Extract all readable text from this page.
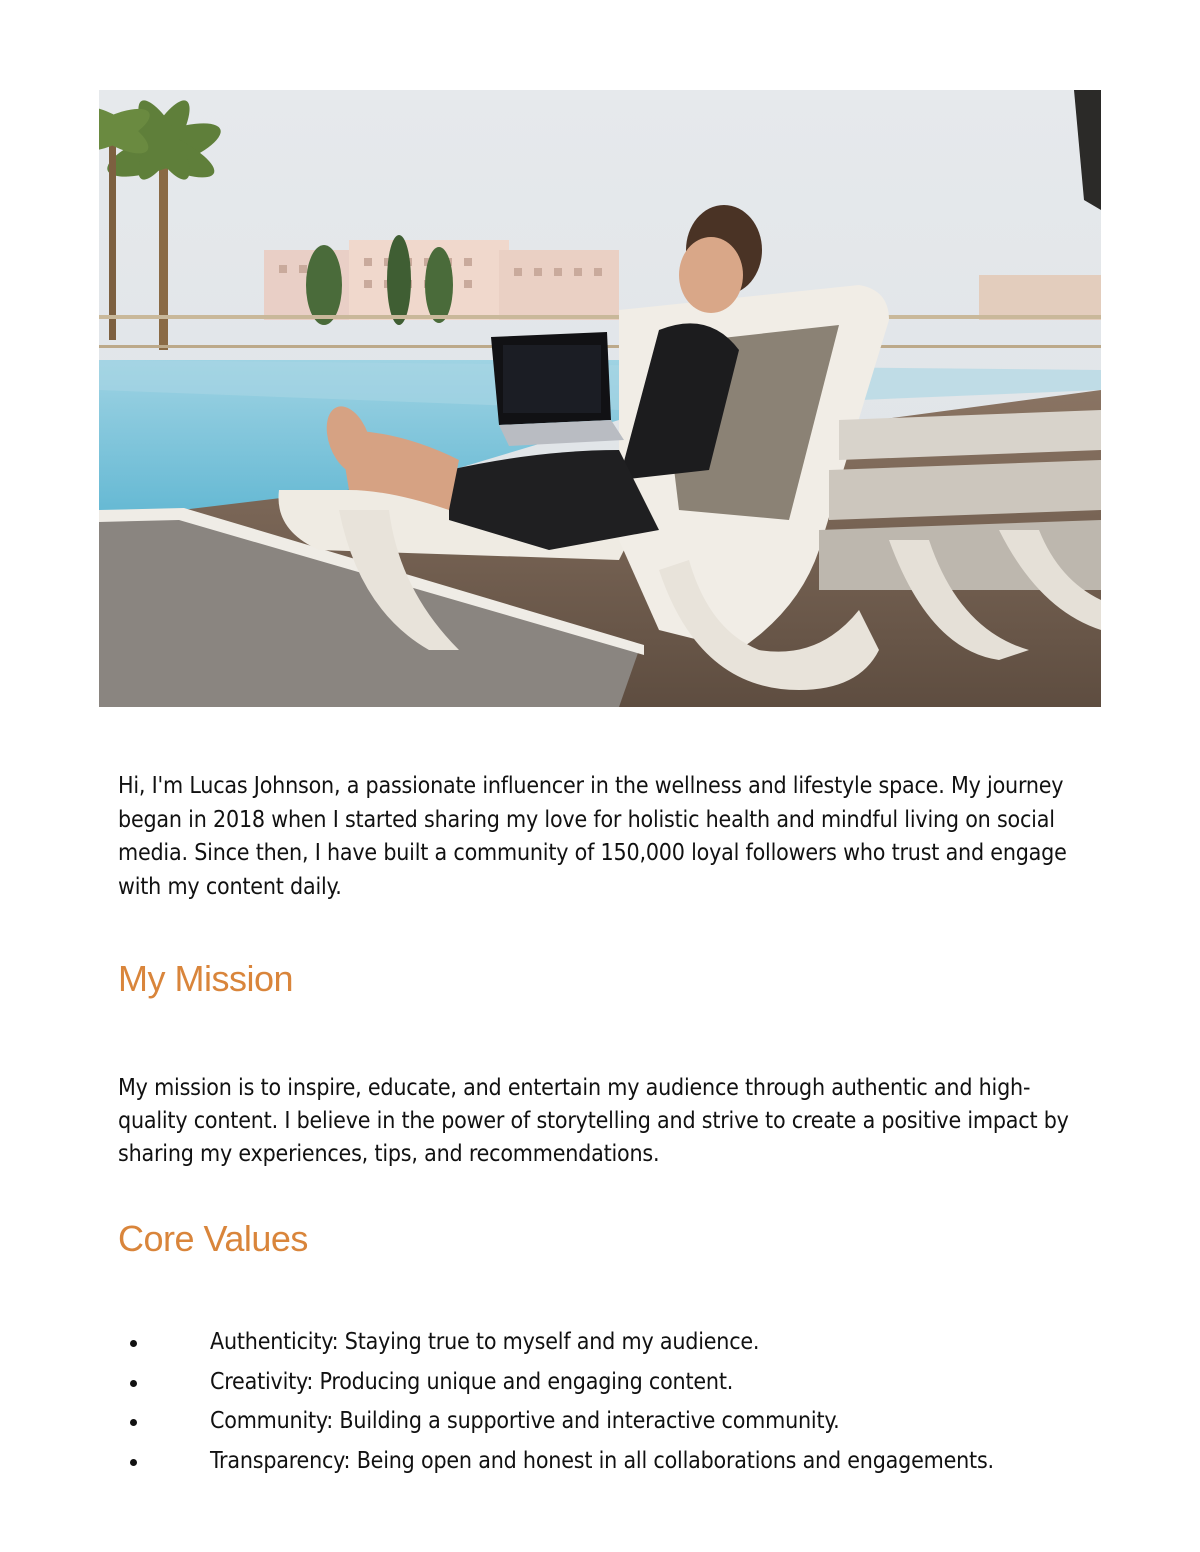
Hi, I'm Lucas Johnson, a passionate influencer in the wellness and lifestyle space. My journey began in 2018 when I started sharing my love for holistic health and mindful living on social media. Since then, I have built a community of 150,000 loyal followers who trust and engage with my content daily.

My Mission

My mission is to inspire, educate, and entertain my audience through authentic and high-quality content. I believe in the power of storytelling and strive to create a positive impact by sharing my experiences, tips, and recommendations.

Core Values
Authenticity: Staying true to myself and my audience.
Creativity: Producing unique and engaging content.
Community: Building a supportive and interactive community.
Transparency: Being open and honest in all collaborations and engagements.
